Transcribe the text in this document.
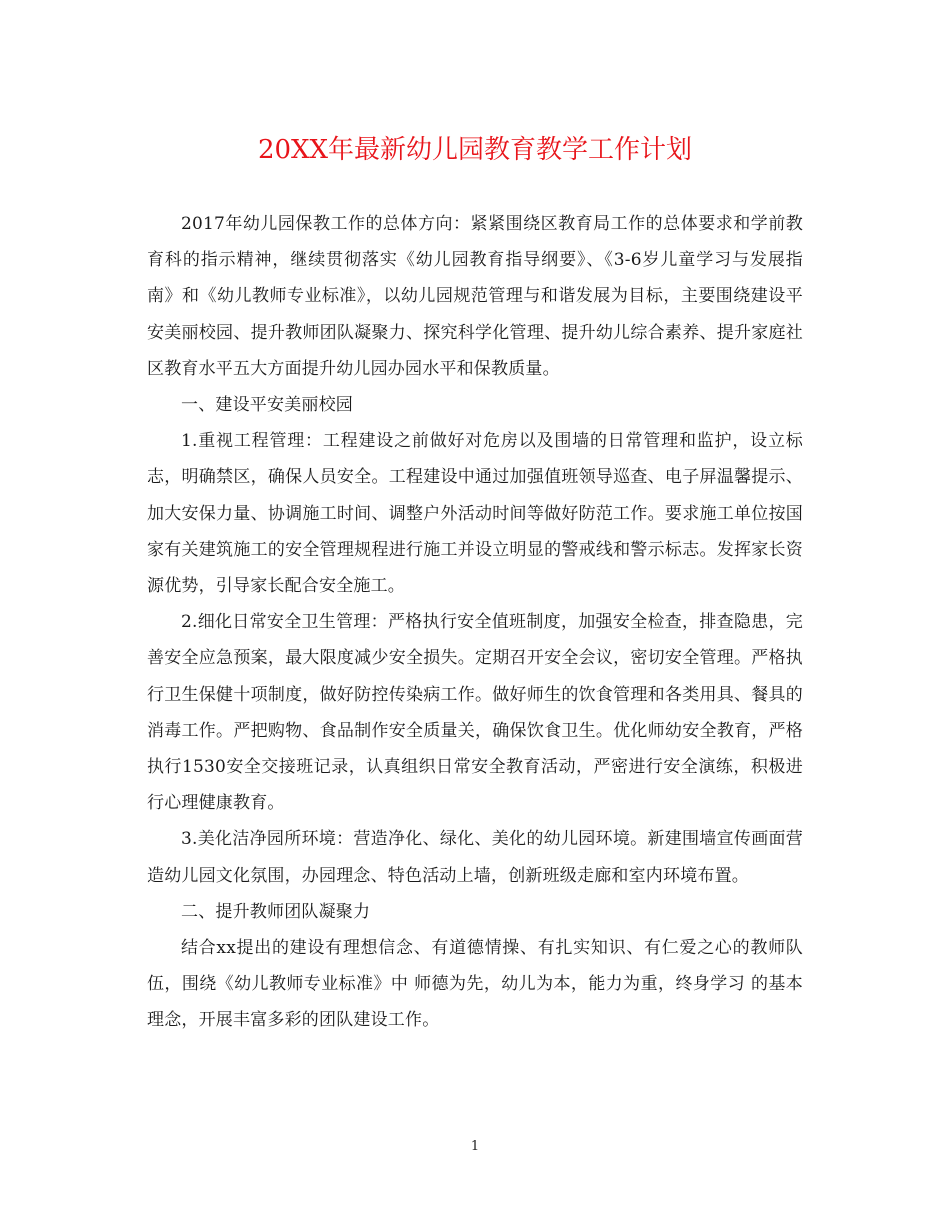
20XX年最新幼儿园教育教学工作计划

2017年幼儿园保教工作的总体方向：紧紧围绕区教育局工作的总体要求和学前教育科的指示精神，继续贯彻落实《幼儿园教育指导纲要》、《3-6岁儿童学习与发展指南》和《幼儿教师专业标准》，以幼儿园规范管理与和谐发展为目标，主要围绕建设平安美丽校园、提升教师团队凝聚力、探究科学化管理、提升幼儿综合素养、提升家庭社区教育水平五大方面提升幼儿园办园水平和保教质量。

一、建设平安美丽校园

1.重视工程管理：工程建设之前做好对危房以及围墙的日常管理和监护，设立标志，明确禁区，确保人员安全。工程建设中通过加强值班领导巡查、电子屏温馨提示、加大安保力量、协调施工时间、调整户外活动时间等做好防范工作。要求施工单位按国家有关建筑施工的安全管理规程进行施工并设立明显的警戒线和警示标志。发挥家长资源优势，引导家长配合安全施工。

2.细化日常安全卫生管理：严格执行安全值班制度，加强安全检查，排查隐患，完善安全应急预案，最大限度减少安全损失。定期召开安全会议，密切安全管理。严格执行卫生保健十项制度，做好防控传染病工作。做好师生的饮食管理和各类用具、餐具的消毒工作。严把购物、食品制作安全质量关，确保饮食卫生。优化师幼安全教育，严格执行1530安全交接班记录，认真组织日常安全教育活动，严密进行安全演练，积极进行心理健康教育。

3.美化洁净园所环境：营造净化、绿化、美化的幼儿园环境。新建围墙宣传画面营造幼儿园文化氛围，办园理念、特色活动上墙，创新班级走廊和室内环境布置。

二、提升教师团队凝聚力

结合xx提出的建设有理想信念、有道德情操、有扎实知识、有仁爱之心的教师队伍，围绕《幼儿教师专业标准》中 师德为先，幼儿为本，能力为重，终身学习 的基本理念，开展丰富多彩的团队建设工作。

1
